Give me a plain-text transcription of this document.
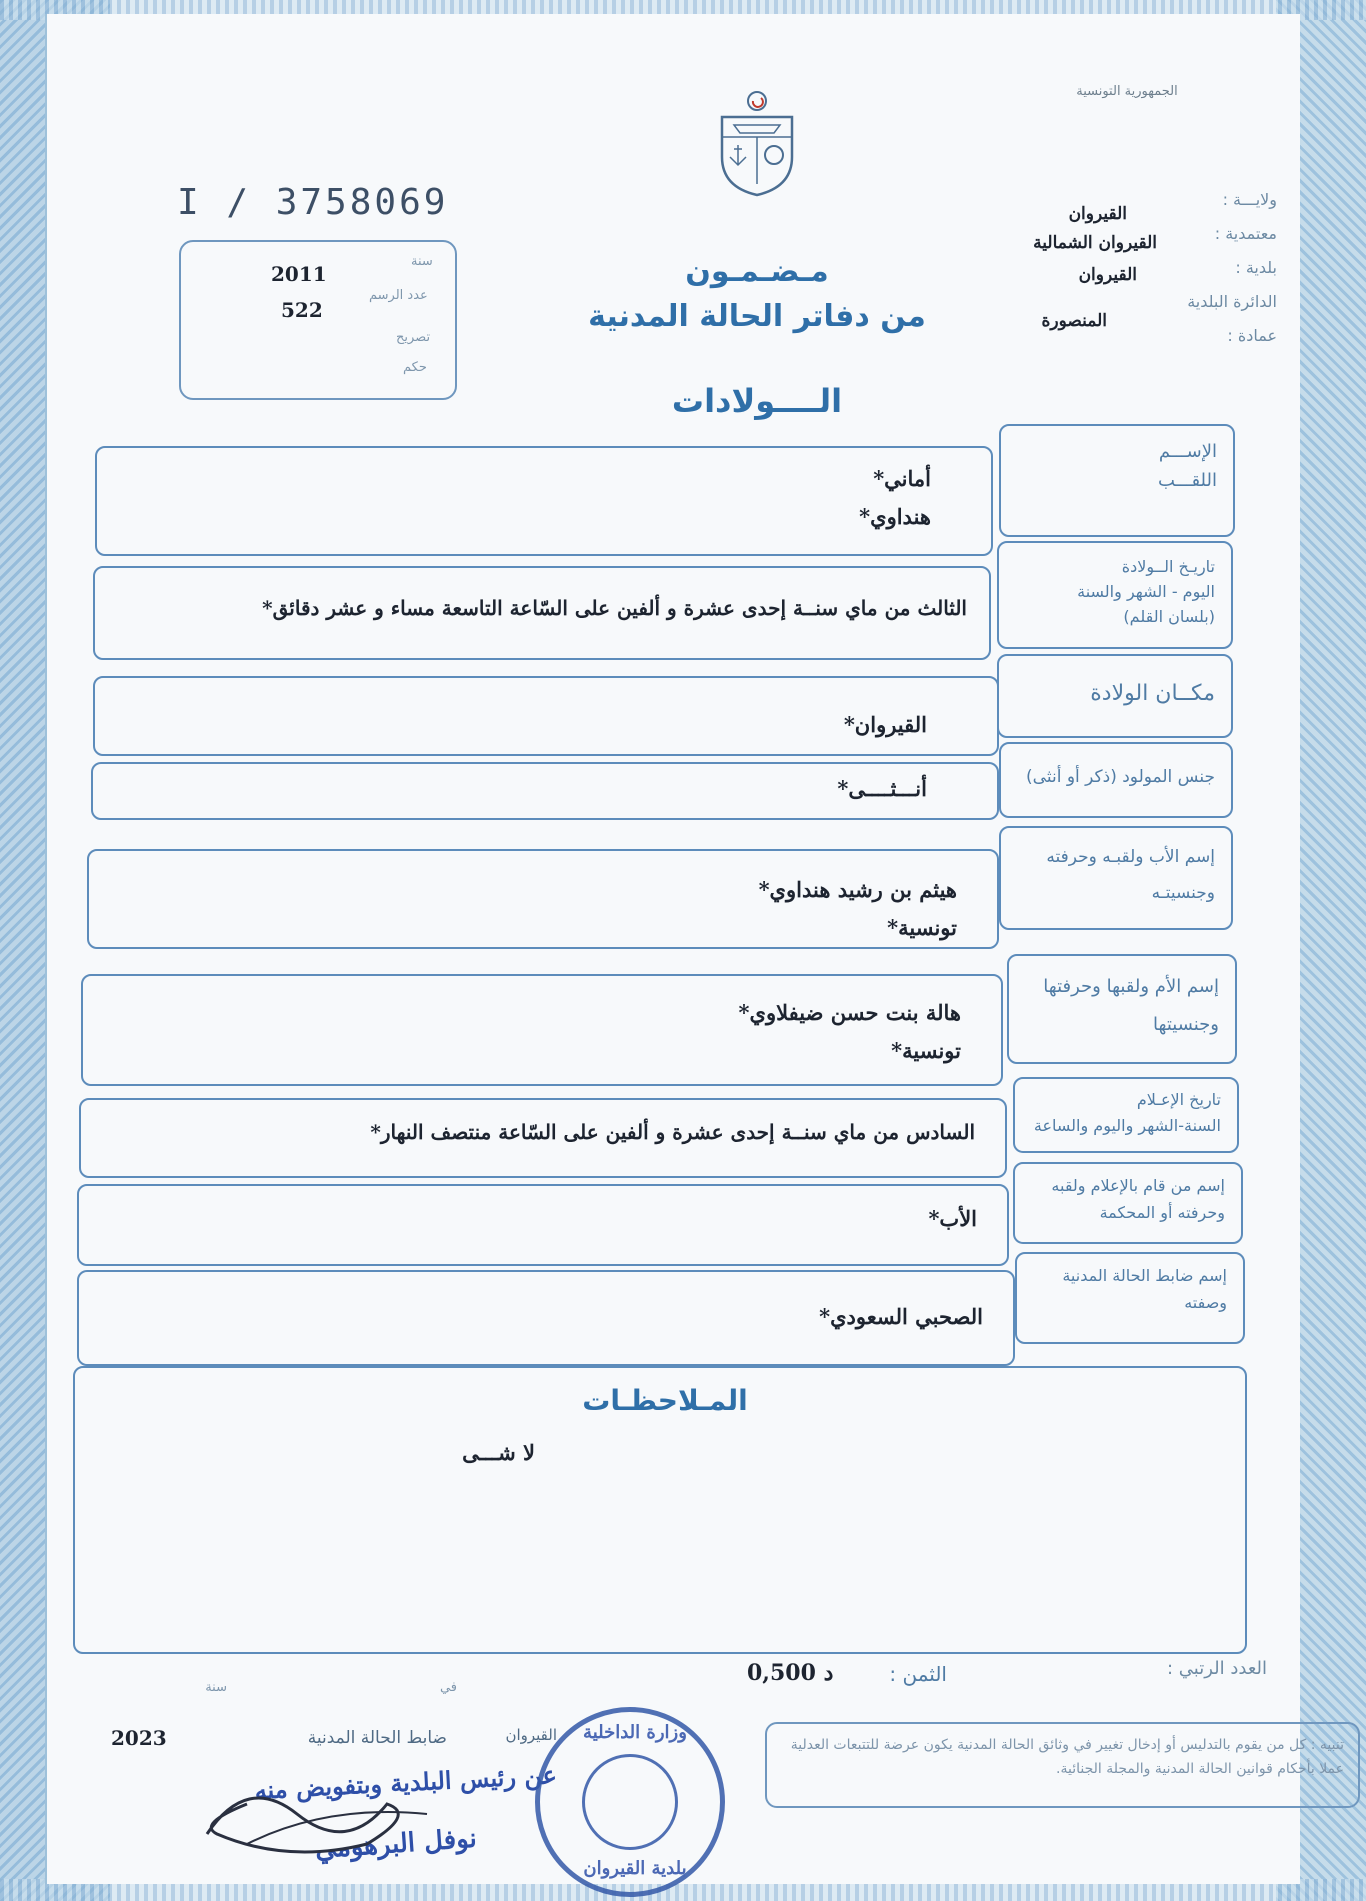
الجمهورية التونسية
I / 3758069
سنة
2011
عدد الرسم
522
تصريح
حكم
مـضـمـون
من دفاتر الحالة المدنية
الــــولادات
ولايـــة :
القيروان
معتمدية :
القيروان الشمالية
بلدية :
القيروان
الدائرة البلدية
المنصورة
عمادة :
الإســـم
اللقـــب
أماني*
هنداوي*
تاريـخ الــولادة
اليوم - الشهر والسنة
(بلسان القلم)
الثالث من ماي سنــة إحدى عشرة و ألفين على السّاعة التاسعة مساء و عشر دقائق*
مكــان الولادة
القيروان*
جنس المولود (ذكر أو أنثى)
أنـــثــــى*
إسم الأب ولقبـه وحرفته
وجنسيتـه
هيثم بن رشيد هنداوي*
تونسية*
إسم الأم ولقبها وحرفتها
وجنسيتها
هالة بنت حسن ضيفلاوي*
تونسية*
تاريخ الإعـلام
السنة-الشهر واليوم والساعة
السادس من ماي سنــة إحدى عشرة و ألفين على السّاعة منتصف النهار*
إسم من قام بالإعلام ولقبه
وحرفته أو المحكمة
الأب*
إسم ضابط الحالة المدنية
وصفته
الصحبي السعودي*
المـلاحظـات
لا شـــى
العدد الرتبي :
الثمن :
0,500 د
في
سنة
2023	ضابط الحالة المدنية	القيروان
عن رئيس البلدية وبتفويض منه
نوفل البرهومي
وزارة الداخلية
بلدية القيروان
تنبيه : كل من يقوم بالتدليس أو إدخال تغيير في وثائق الحالة المدنية يكون عرضة للتتبعات العدلية عملا بأحكام قوانين الحالة المدنية والمجلة الجنائية.
